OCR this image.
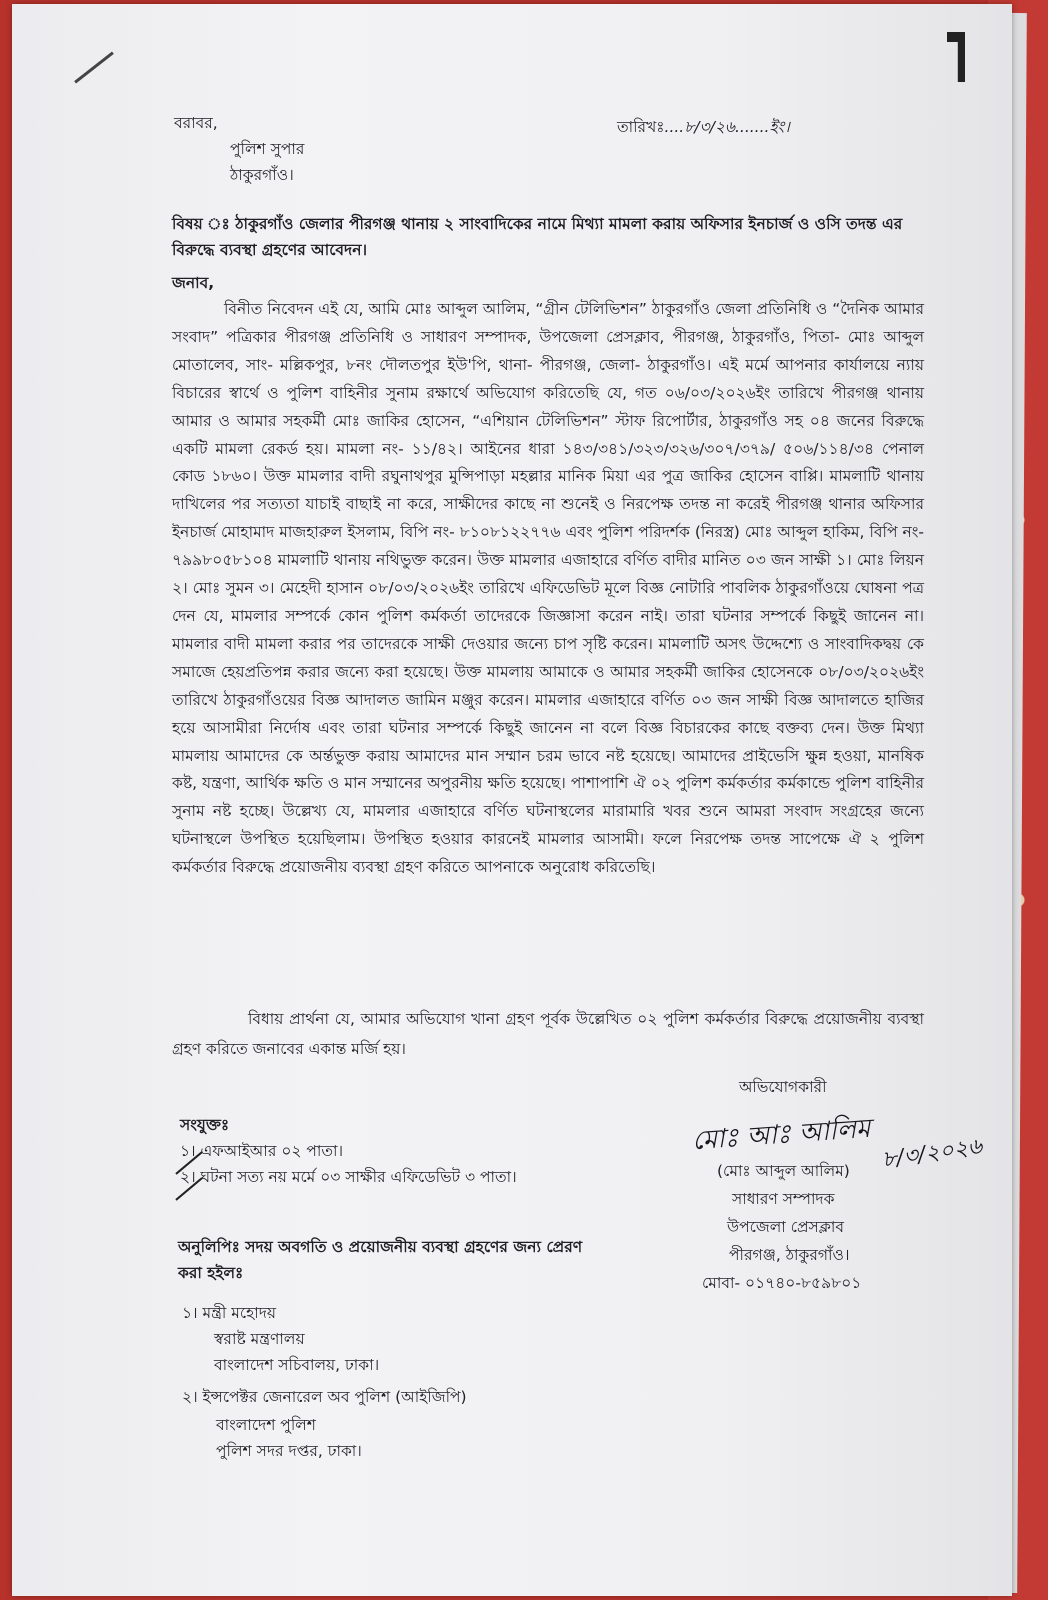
বরাবর,

পুলিশ সুপার

ঠাকুরগাঁও।

তারিখঃ....৮/৩/২৬.......ইং।

বিষয় ঃ ঠাকুরগাঁও জেলার পীরগঞ্জ থানায় ২ সাংবাদিকের নামে মিথ্যা মামলা করায় অফিসার ইনচার্জ ও ওসি তদন্ত এর বিরুদ্ধে ব্যবস্থা গ্রহণের আবেদন।

জনাব,

বিনীত নিবেদন এই যে, আমি মোঃ আব্দুল আলিম, “গ্রীন টেলিভিশন” ঠাকুরগাঁও জেলা প্রতিনিধি ও “দৈনিক আমার সংবাদ” পত্রিকার পীরগঞ্জ প্রতিনিধি ও সাধারণ সম্পাদক, উপজেলা প্রেসক্লাব, পীরগঞ্জ, ঠাকুরগাঁও, পিতা- মোঃ আব্দুল মোতালেব, সাং- মল্লিকপুর, ৮নং দৌলতপুর ইউ'পি, থানা- পীরগঞ্জ, জেলা- ঠাকুরগাঁও। এই মর্মে আপনার কার্যালয়ে ন্যায় বিচারের স্বার্থে ও পুলিশ বাহিনীর সুনাম রক্ষার্থে অভিযোগ করিতেছি যে, গত ০৬/০৩/২০২৬ইং তারিখে পীরগঞ্জ থানায় আমার ও আমার সহকর্মী মোঃ জাকির হোসেন, “এশিয়ান টেলিভিশন” স্টাফ রিপোর্টার, ঠাকুরগাঁও সহ ০৪ জনের বিরুদ্ধে একটি মামলা রেকর্ড হয়। মামলা নং- ১১/৪২। আইনের ধারা ১৪৩/৩৪১/৩২৩/৩২৬/৩০৭/৩৭৯/ ৫০৬/১১৪/৩৪ পেনাল কোড ১৮৬০। উক্ত মামলার বাদী রঘুনাথপুর মুন্সিপাড়া মহল্লার মানিক মিয়া এর পুত্র জাকির হোসেন বাপ্পি। মামলাটি থানায় দাখিলের পর সত্যতা যাচাই বাছাই না করে, সাক্ষীদের কাছে না শুনেই ও নিরপেক্ষ তদন্ত না করেই পীরগঞ্জ থানার অফিসার ইনচার্জ মোহামাদ মাজহারুল ইসলাম, বিপি নং- ৮১০৮১২২৭৭৬ এবং পুলিশ পরিদর্শক (নিরস্ত্র) মোঃ আব্দুল হাকিম, বিপি নং- ৭৯৯৮০৫৮১০৪ মামলাটি থানায় নথিভুক্ত করেন। উক্ত মামলার এজাহারে বর্ণিত বাদীর মানিত ০৩ জন সাক্ষী ১। মোঃ লিয়ন ২। মোঃ সুমন ৩। মেহেদী হাসান ০৮/০৩/২০২৬ইং তারিখে এফিডেভিট মূলে বিজ্ঞ নোটারি পাবলিক ঠাকুরগাঁওয়ে ঘোষনা পত্র দেন যে, মামলার সম্পর্কে কোন পুলিশ কর্মকর্তা তাদেরকে জিজ্ঞাসা করেন নাই। তারা ঘটনার সম্পর্কে কিছুই জানেন না। মামলার বাদী মামলা করার পর তাদেরকে সাক্ষী দেওয়ার জন্যে চাপ সৃষ্টি করেন। মামলাটি অসৎ উদ্দেশ্যে ও সাংবাদিকদ্বয় কে সমাজে হেয়প্রতিপন্ন করার জন্যে করা হয়েছে। উক্ত মামলায় আমাকে ও আমার সহকর্মী জাকির হোসেনকে ০৮/০৩/২০২৬ইং তারিখে ঠাকুরগাঁওয়ের বিজ্ঞ আদালত জামিন মঞ্জুর করেন। মামলার এজাহারে বর্ণিত ০৩ জন সাক্ষী বিজ্ঞ আদালতে হাজির হয়ে আসামীরা নির্দোষ এবং তারা ঘটনার সম্পর্কে কিছুই জানেন না বলে বিজ্ঞ বিচারকের কাছে বক্তব্য দেন। উক্ত মিথ্যা মামলায় আমাদের কে অর্ন্তভুক্ত করায় আমাদের মান সম্মান চরম ভাবে নষ্ট হয়েছে। আমাদের প্রাইভেসি ক্ষুন্ন হওয়া, মানষিক কষ্ট, যন্ত্রণা, আর্থিক ক্ষতি ও মান সম্মানের অপুরনীয় ক্ষতি হয়েছে। পাশাপাশি ঐ ০২ পুলিশ কর্মকর্তার কর্মকান্ডে পুলিশ বাহিনীর সুনাম নষ্ট হচ্ছে। উল্লেখ্য যে, মামলার এজাহারে বর্ণিত ঘটনাস্থলের মারামারি খবর শুনে আমরা সংবাদ সংগ্রহের জন্যে ঘটনাস্থলে উপস্থিত হয়েছিলাম। উপস্থিত হওয়ার কারনেই মামলার আসামী। ফলে নিরপেক্ষ তদন্ত সাপেক্ষে ঐ ২ পুলিশ কর্মকর্তার বিরুদ্ধে প্রয়োজনীয় ব্যবস্থা গ্রহণ করিতে আপনাকে অনুরোধ করিতেছি।

বিধায় প্রার্থনা যে, আমার অভিযোগ খানা গ্রহণ পূর্বক উল্লেখিত ০২ পুলিশ কর্মকর্তার বিরুদ্ধে প্রয়োজনীয় ব্যবস্থা গ্রহণ করিতে জনাবের একান্ত মর্জি হয়।

অভিযোগকারী

মোঃ আঃ আলিম ৮/৩/২০২৬

(মোঃ আব্দুল আলিম)

সাধারণ সম্পাদক

উপজেলা প্রেসক্লাব

পীরগঞ্জ, ঠাকুরগাঁও।

মোবা- ০১৭৪০-৮৫৯৮০১

সংযুক্তঃ

১। এফআইআর ০২ পাতা।

২। ঘটনা সত্য নয় মর্মে ০৩ সাক্ষীর এফিডেভিট ৩ পাতা।

অনুলিপিঃ সদয় অবগতি ও প্রয়োজনীয় ব্যবস্থা গ্রহণের জন্য প্রেরণ

করা হইলঃ

১। মন্ত্রী মহোদয়

স্বরাষ্ট মন্ত্রণালয়

বাংলাদেশ সচিবালয়, ঢাকা।

২। ইন্সপেক্টর জেনারেল অব পুলিশ (আইজিপি)

বাংলাদেশ পুলিশ

পুলিশ সদর দপ্তর, ঢাকা।
